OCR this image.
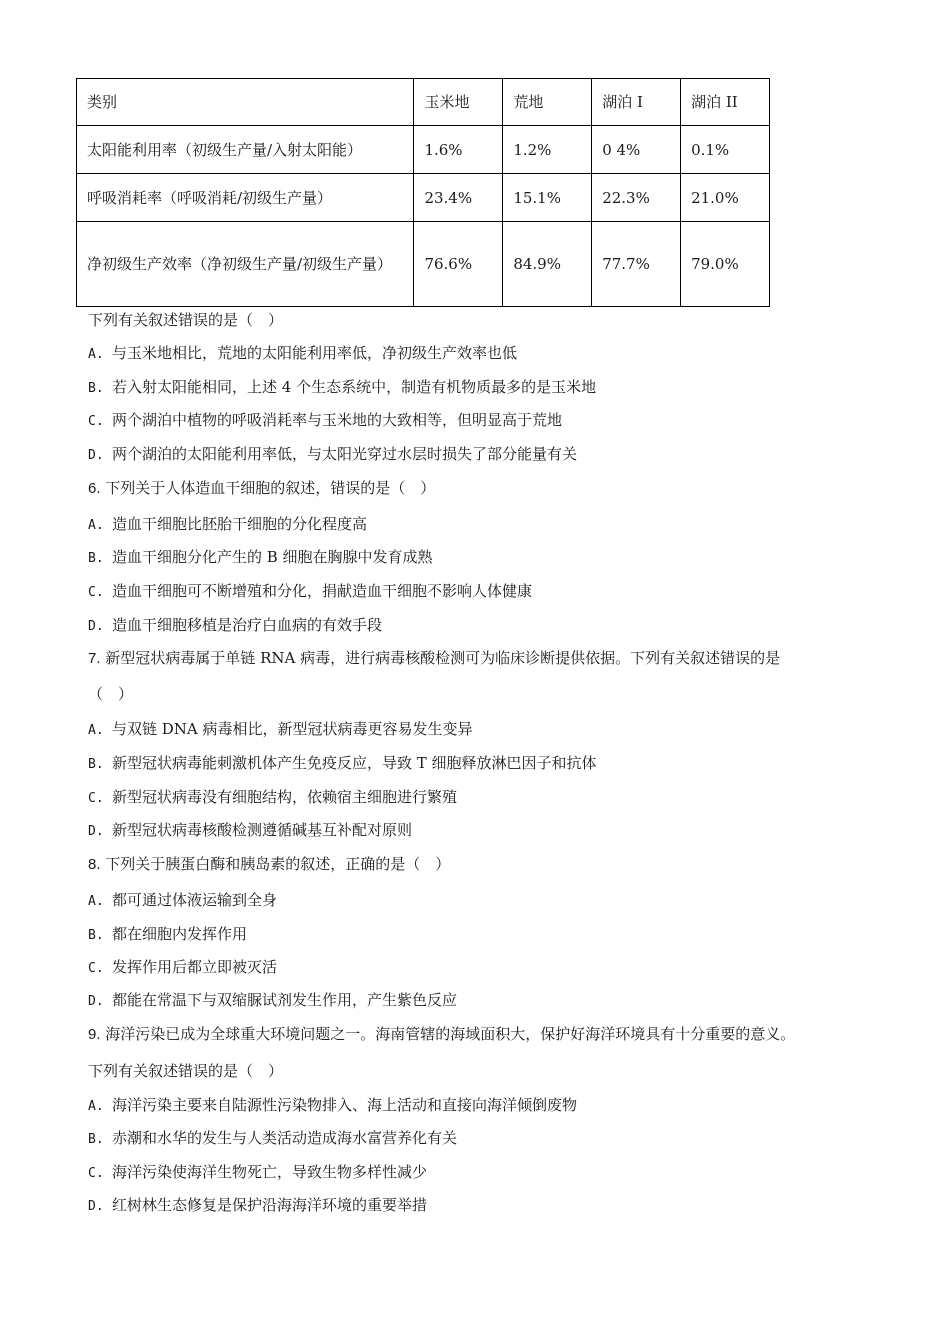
类别	玉米地	荒地	湖泊 I	湖泊 II
太阳能利用率（初级生产量/入射太阳能）	1.6%	1.2%	0 4%	0.1%
呼吸消耗率（呼吸消耗/初级生产量）	23.4%	15.1%	22.3%	21.0%
净初级生产效率（净初级生产量/初级生产量）	76.6%	84.9%	77.7%	79.0%
下列有关叙述错误的是（　）
A. 与玉米地相比，荒地的太阳能利用率低，净初级生产效率也低
B. 若入射太阳能相同，上述 4 个生态系统中，制造有机物质最多的是玉米地
C. 两个湖泊中植物的呼吸消耗率与玉米地的大致相等，但明显高于荒地
D. 两个湖泊的太阳能利用率低，与太阳光穿过水层时损失了部分能量有关
6. 下列关于人体造血干细胞的叙述，错误的是（　）
A. 造血干细胞比胚胎干细胞的分化程度高
B. 造血干细胞分化产生的 B 细胞在胸腺中发育成熟
C. 造血干细胞可不断增殖和分化，捐献造血干细胞不影响人体健康
D. 造血干细胞移植是治疗白血病的有效手段
7. 新型冠状病毒属于单链 RNA 病毒，进行病毒核酸检测可为临床诊断提供依据。下列有关叙述错误的是
（　）
A. 与双链 DNA 病毒相比，新型冠状病毒更容易发生变异
B. 新型冠状病毒能刺激机体产生免疫反应，导致 T 细胞释放淋巴因子和抗体
C. 新型冠状病毒没有细胞结构，依赖宿主细胞进行繁殖
D. 新型冠状病毒核酸检测遵循碱基互补配对原则
8. 下列关于胰蛋白酶和胰岛素的叙述，正确的是（　）
A. 都可通过体液运输到全身
B. 都在细胞内发挥作用
C. 发挥作用后都立即被灭活
D. 都能在常温下与双缩脲试剂发生作用，产生紫色反应
9. 海洋污染已成为全球重大环境问题之一。海南管辖的海域面积大，保护好海洋环境具有十分重要的意义。
下列有关叙述错误的是（　）
A. 海洋污染主要来自陆源性污染物排入、海上活动和直接向海洋倾倒废物
B. 赤潮和水华的发生与人类活动造成海水富营养化有关
C. 海洋污染使海洋生物死亡，导致生物多样性减少
D. 红树林生态修复是保护沿海海洋环境的重要举措
